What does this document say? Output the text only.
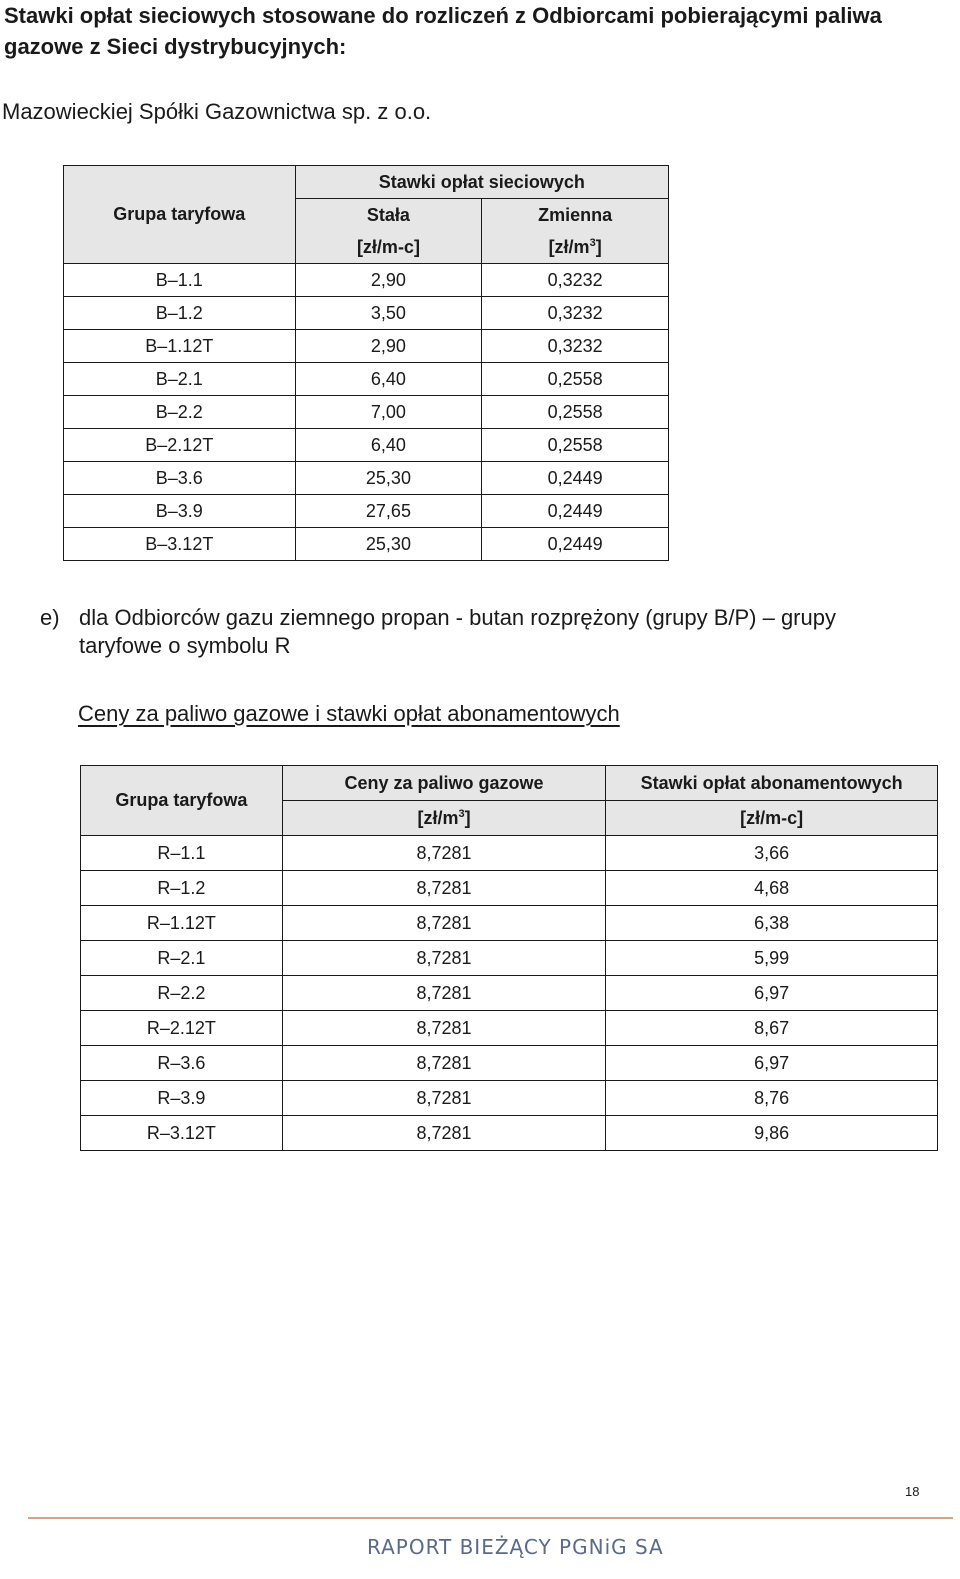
Stawki opłat sieciowych stosowane do rozliczeń z Odbiorcami pobierającymi paliwa gazowe z Sieci dystrybucyjnych:
Mazowieckiej Spółki Gazownictwa sp. z o.o.
Grupa taryfowa	Stawki opłat sieciowych	
	Stała	Zmienna
	[zł/m-c]	$[zł/m^3]$
B–1.1	2,90	0,3232
B–1.2	3,50	0,3232
B–1.12T	2,90	0,3232
B–2.1	6,40	0,2558
B–2.2	7,00	0,2558
B–2.12T	6,40	0,2558
B–3.6	25,30	0,2449
B–3.9	27,65	0,2449
B–3.12T	25,30	0,2449
e) dla Odbiorców gazu ziemnego propan - butan rozprężony (grupy B/P) – grupy taryfowe o symbolu R
Ceny za paliwo gazowe i stawki opłat abonamentowych
Grupa taryfowa	Ceny za paliwo gazowe	Stawki opłat abonamentowych
	$[zł/m^3]$	[zł/m-c]
R–1.1	8,7281	3,66
R–1.2	8,7281	4,68
R–1.12T	8,7281	6,38
R–2.1	8,7281	5,99
R–2.2	8,7281	6,97
R–2.12T	8,7281	8,67
R–3.6	8,7281	6,97
R–3.9	8,7281	8,76
R–3.12T	8,7281	9,86
18
RAPORT BIEŻĄCY PGNiG SA
